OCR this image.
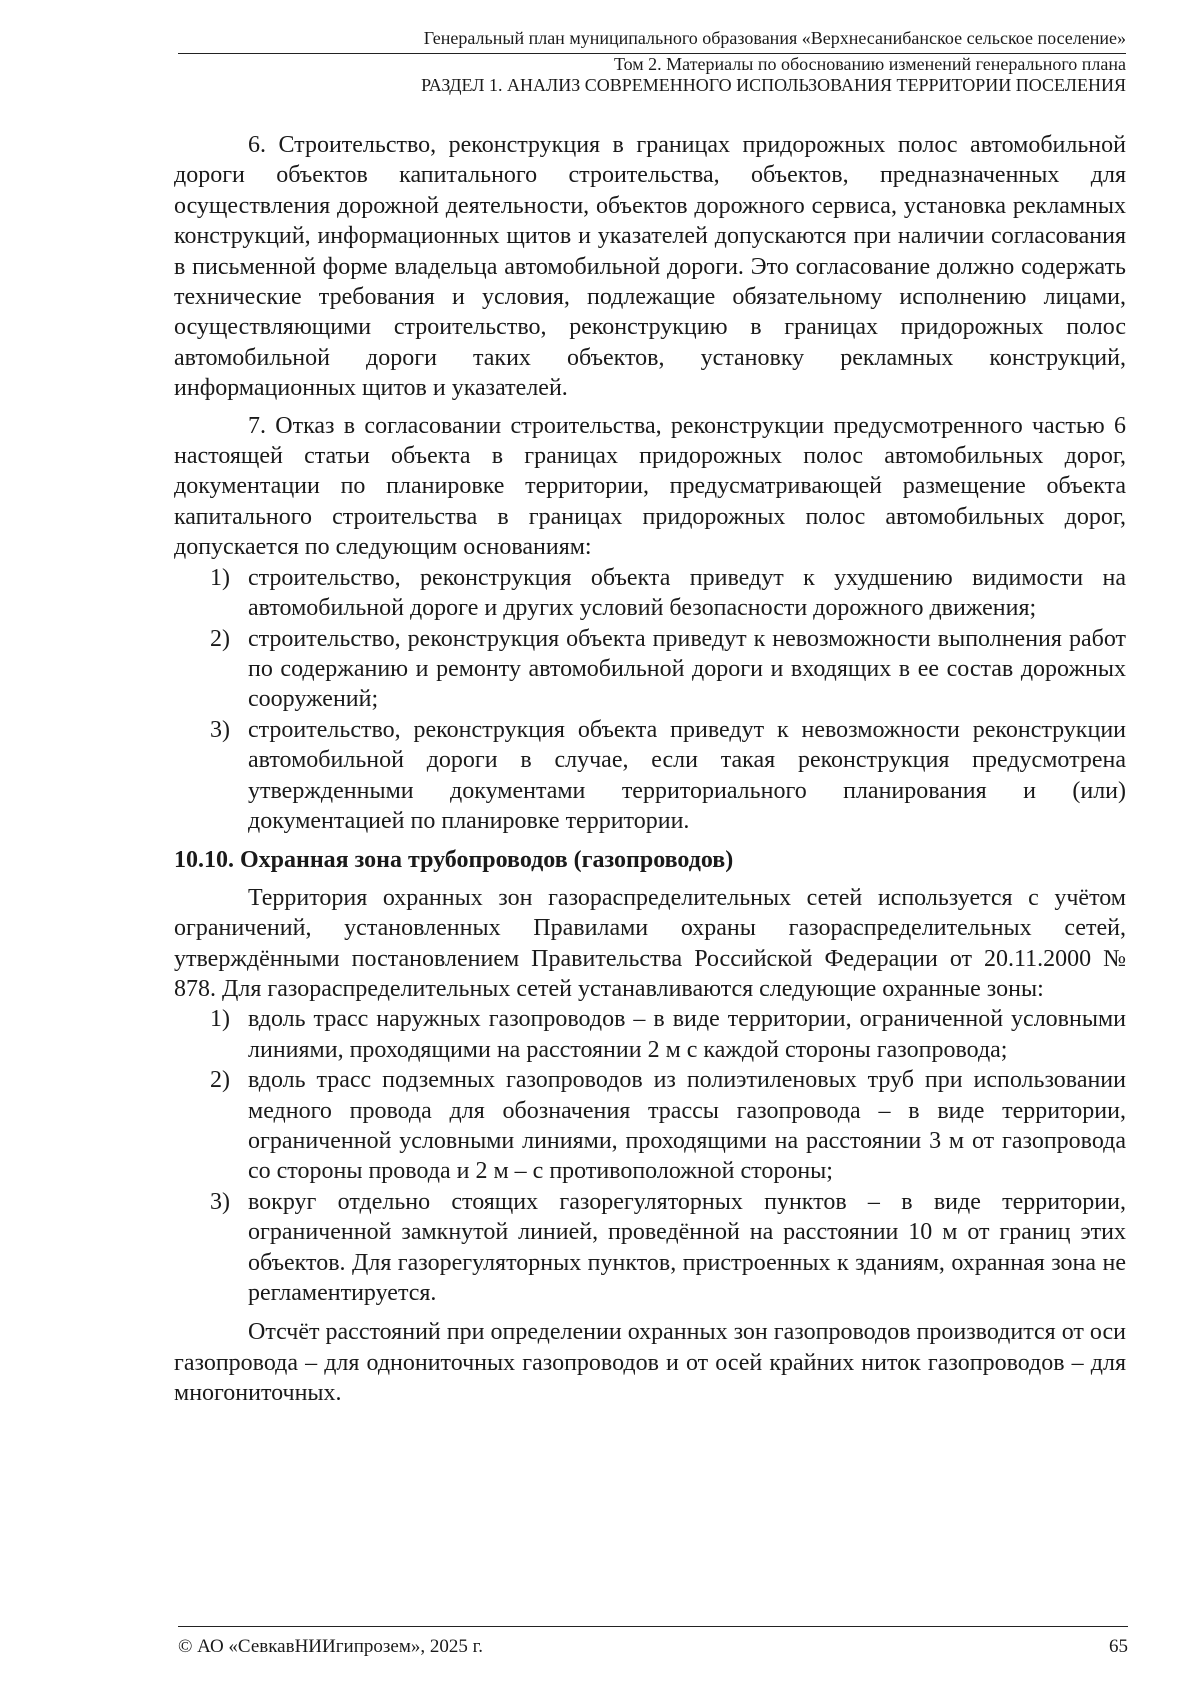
Генеральный план муниципального образования «Верхнесанибанское сельское поселение»
Том 2. Материалы по обоснованию изменений генерального плана
РАЗДЕЛ 1. АНАЛИЗ СОВРЕМЕННОГО ИСПОЛЬЗОВАНИЯ ТЕРРИТОРИИ ПОСЕЛЕНИЯ

6. Строительство, реконструкция в границах придорожных полос автомобильной дороги объектов капитального строительства, объектов, предназначенных для осуществления дорожной деятельности, объектов дорожного сервиса, установка рекламных конструкций, информационных щитов и указателей допускаются при наличии согласования в письменной форме владельца автомобильной дороги. Это согласование должно содержать технические требования и условия, подлежащие обязательному исполнению лицами, осуществляющими строительство, реконструкцию в границах придорожных полос автомобильной дороги таких объектов, установку рекламных конструкций, информационных щитов и указателей.

7. Отказ в согласовании строительства, реконструкции предусмотренного частью 6 настоящей статьи объекта в границах придорожных полос автомобильных дорог, документации по планировке территории, предусматривающей размещение объекта капитального строительства в границах придорожных полос автомобильных дорог, допускается по следующим основаниям:

1) строительство, реконструкция объекта приведут к ухудшению видимости на автомобильной дороге и других условий безопасности дорожного движения;
2) строительство, реконструкция объекта приведут к невозможности выполнения работ по содержанию и ремонту автомобильной дороги и входящих в ее состав дорожных сооружений;
3) строительство, реконструкция объекта приведут к невозможности реконструкции автомобильной дороги в случае, если такая реконструкция предусмотрена утвержденными документами территориального планирования и (или) документацией по планировке территории.
10.10. Охранная зона трубопроводов (газопроводов)

Территория охранных зон газораспределительных сетей используется с учётом ограничений, установленных Правилами охраны газораспределительных сетей, утверждёнными постановлением Правительства Российской Федерации от 20.11.2000 № 878. Для газораспределительных сетей устанавливаются следующие охранные зоны:

1) вдоль трасс наружных газопроводов – в виде территории, ограниченной условными линиями, проходящими на расстоянии 2 м с каждой стороны газопровода;
2) вдоль трасс подземных газопроводов из полиэтиленовых труб при использовании медного провода для обозначения трассы газопровода – в виде территории, ограниченной условными линиями, проходящими на расстоянии 3 м от газопровода со стороны провода и 2 м – с противоположной стороны;
3) вокруг отдельно стоящих газорегуляторных пунктов – в виде территории, ограниченной замкнутой линией, проведённой на расстоянии 10 м от границ этих объектов. Для газорегуляторных пунктов, пристроенных к зданиям, охранная зона не регламентируется.

Отсчёт расстояний при определении охранных зон газопроводов производится от оси газопровода – для однониточных газопроводов и от осей крайних ниток газопроводов – для многониточных.

© АО «СевкавНИИгипрозем», 2025 г.	65
